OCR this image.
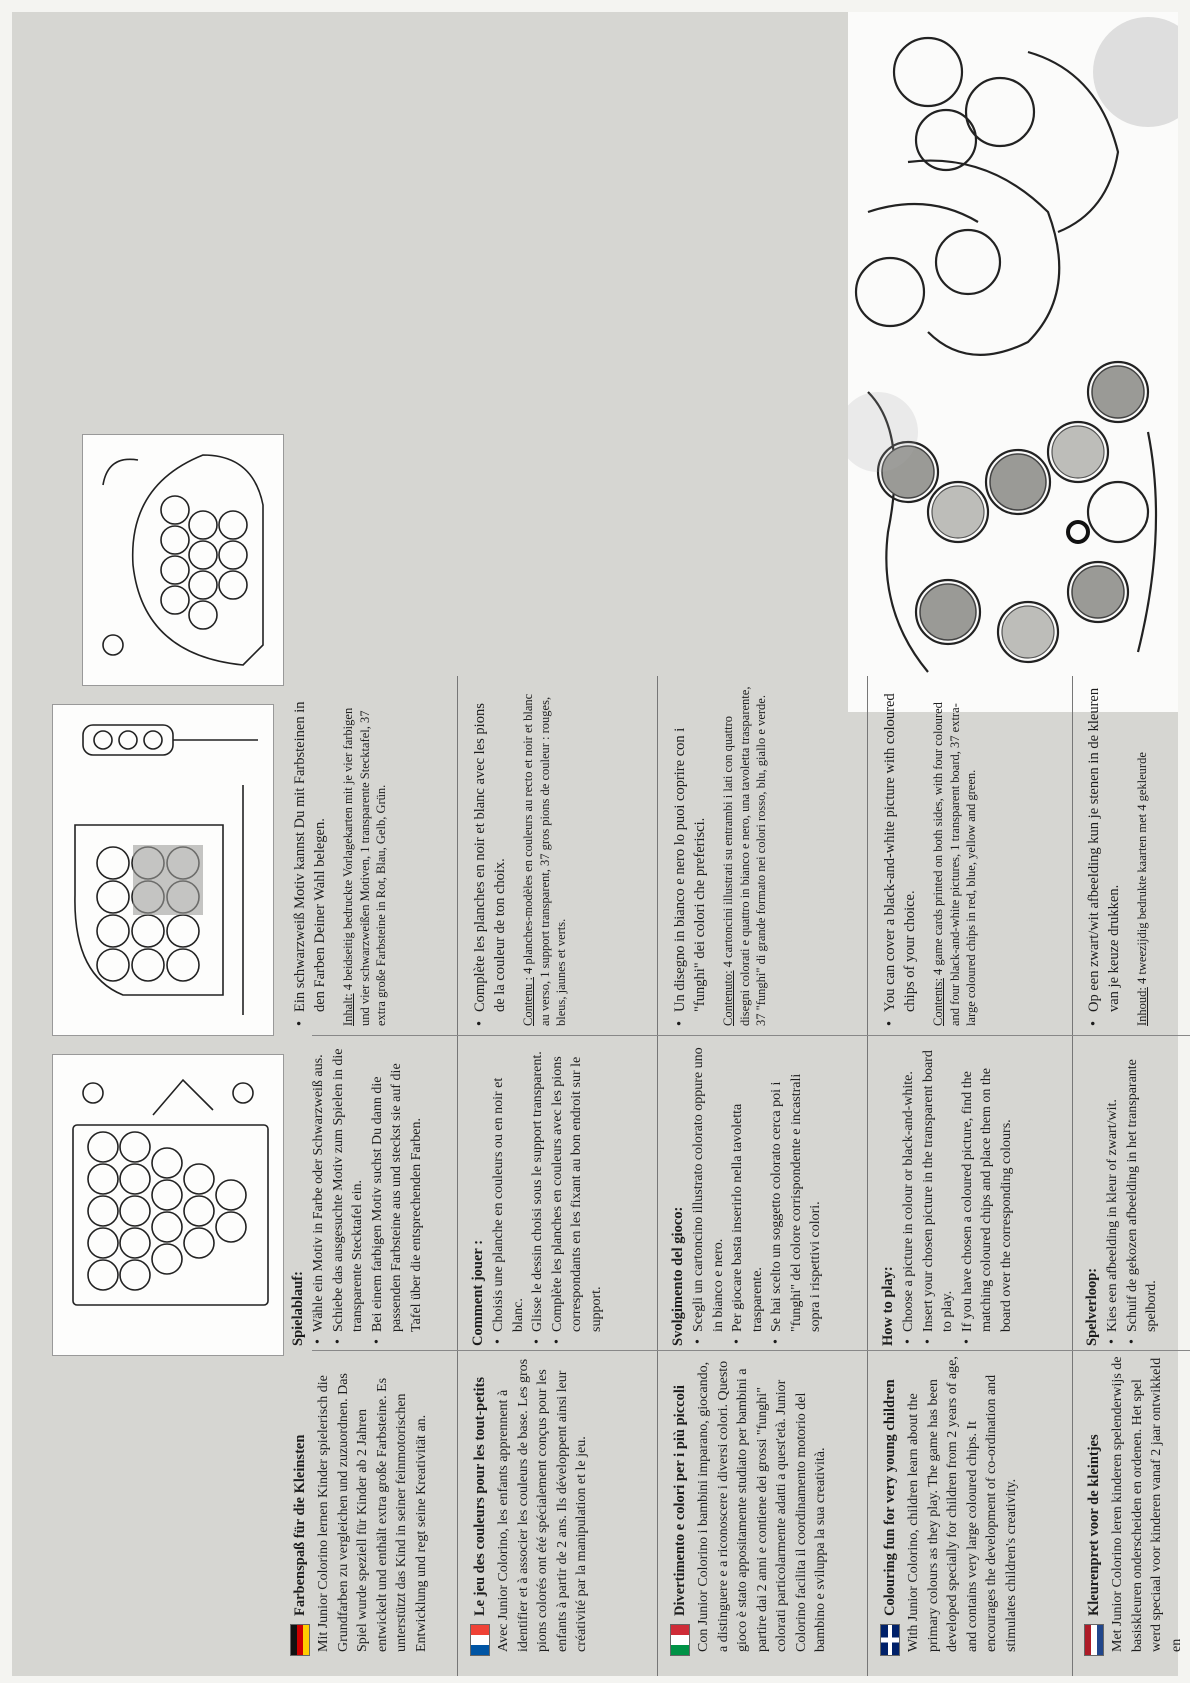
Farbenspaß für die Kleinsten Mit Junior Colorino lernen Kinder spielerisch die Grundfarben zu vergleichen und zuzuordnen. Das Spiel wurde speziell für Kinder ab 2 Jahren entwickelt und enthält extra große Farbsteine. Es unterstützt das Kind in seiner feinmotorischen Entwicklung und regt seine Kreativität an.

Spielablauf: • Wähle ein Motiv in Farbe oder Schwarzweiß aus. • Schiebe das ausgesuchte Motiv zum Spielen in die transparente Stecktafel ein. • Bei einem farbigen Motiv suchst Du dann die passenden Farbsteine aus und steckst sie auf die Tafel über die entsprechenden Farben.
• Ein schwarzweiß Motiv kannst Du mit Farbsteinen in den Farben Deiner Wahl belegen. Inhalt: 4 beidseitig bedruckte Vorlagekarten mit je vier farbigen und vier schwarzweißen Motiven, 1 transparente Stecktafel, 37 extra große Farbsteine in Rot, Blau, Gelb, Grün.

Le jeu des couleurs pour les tout-petits Avec Junior Colorino, les enfants apprennent à identifier et à associer les couleurs de base. Les gros pions colorés ont été spécialement conçus pour les enfants à partir de 2 ans. Ils développent ainsi leur créativité par la manipulation et le jeu.

Comment jouer : • Choisis une planche en couleurs ou en noir et blanc. • Glisse le dessin choisi sous le support transparent. • Complète les planches en couleurs avec les pions correspondants en les fixant au bon endroit sur le support.
• Complète les planches en noir et blanc avec les pions de la couleur de ton choix. Contenu : 4 planches-modèles en couleurs au recto et noir et blanc au verso, 1 support transparent, 37 gros pions de couleur : rouges, bleus, jaunes et verts.

Divertimento e colori per i più piccoli Con Junior Colorino i bambini imparano, giocando, a distinguere e a riconoscere i diversi colori. Questo gioco è stato appositamente studiato per bambini a partire dai 2 anni e contiene dei grossi "funghi" colorati particolarmente adatti a quest'età. Junior Colorino facilita il coordinamento motorio del bambino e sviluppa la sua creatività.

Svolgimento del gioco: • Scegli un cartoncino illustrato colorato oppure uno in bianco e nero. • Per giocare basta inserirlo nella tavoletta trasparente. • Se hai scelto un soggetto colorato cerca poi i "funghi" del colore corrispondente e incastrali sopra i rispettivi colori.
• Un disegno in bianco e nero lo puoi coprire con i "funghi" dei colori che preferisci. Contenuto: 4 cartoncini illustrati su entrambi i lati con quattro disegni colorati e quattro in bianco e nero, una tavoletta trasparente, 37 "funghi" di grande formato nei colori rosso, blu, giallo e verde.

Colouring fun for very young children With Junior Colorino, children learn about the primary colours as they play. The game has been developed specially for children from 2 years of age, and contains very large coloured chips. It encourages the development of co-ordination and stimulates children's creativity.

How to play: • Choose a picture in colour or black-and-white. • Insert your chosen picture in the transparent board to play. • If you have chosen a coloured picture, find the matching coloured chips and place them on the board over the corresponding colours.
• You can cover a black-and-white picture with coloured chips of your choice. Contents: 4 game cards printed on both sides, with four coloured and four black-and-white pictures, 1 transparent board, 37 extra-large coloured chips in red, blue, yellow and green.

Kleurenpret voor de kleintjes Met Junior Colorino leren kinderen spelenderwijs de basiskleuren onderscheiden en ordenen. Het spel werd speciaal voor kinderen vanaf 2 jaar ontwikkeld en

Spelverloop: • Kies een afbeelding in kleur of zwart/wit. • Schuif de gekozen afbeelding in het transparante spelbord.
• Op een zwart/wit afbeelding kun je stenen in de kleuren van je keuze drukken. Inhoud: 4 tweezijdig bedrukte kaarten met 4 gekleurde
